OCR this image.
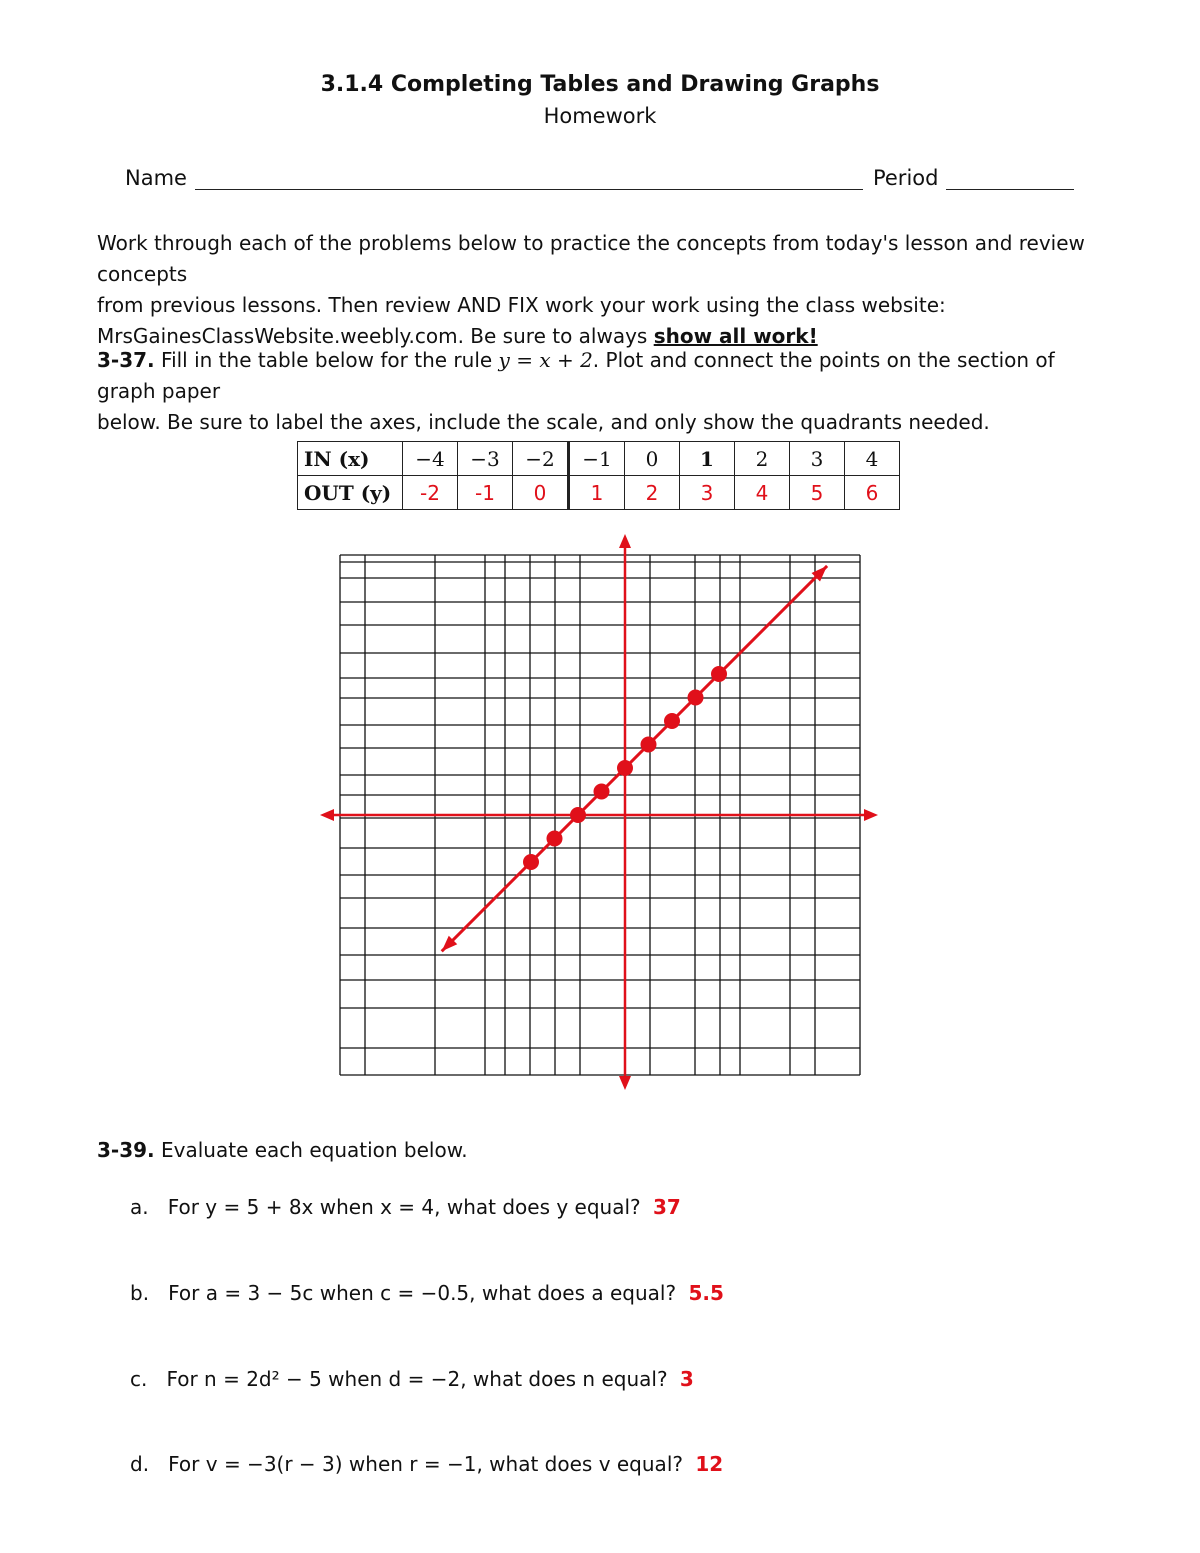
3.1.4 Completing Tables and Drawing Graphs
Homework
Name	Period
Work through each of the problems below to practice the concepts from today's lesson and review concepts
from previous lessons. Then review AND FIX work your work using the class website:
MrsGainesClassWebsite.weebly.com. Be sure to always show all work!
3-37. Fill in the table below for the rule y = x + 2. Plot and connect the points on the section of graph paper
below. Be sure to label the axes, include the scale, and only show the quadrants needed.
IN (x)	−4	−3	−2	−1	0	1	2	3	4
OUT (y)	-2	-1	0	1	2	3	4	5	6
3-39. Evaluate each equation below.
a. For y = 5 + 8x when x = 4, what does y equal? 37
b. For a = 3 − 5c when c = −0.5, what does a equal? 5.5
c. For n = 2d² − 5 when d = −2, what does n equal? 3
d. For v = −3(r − 3) when r = −1, what does v equal? 12
